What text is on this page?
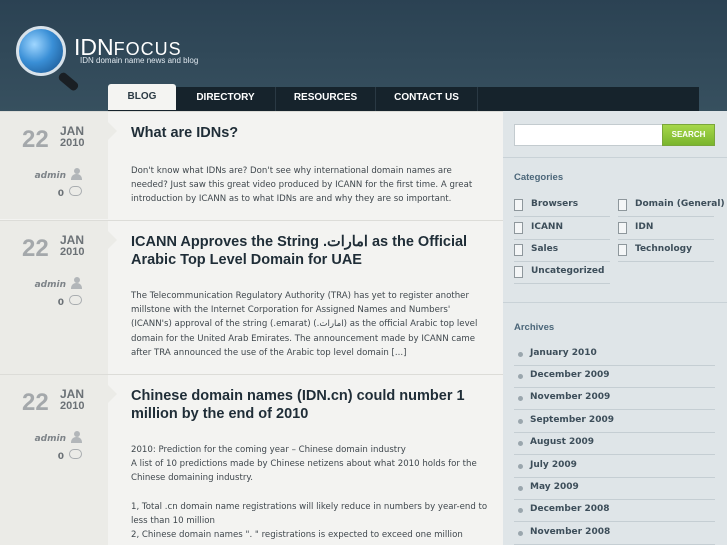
IDNFOCUS
IDN domain name news and blog
BLOG	DIRECTORY	RESOURCES	CONTACT US
22 JAN
2010
admin
0
What are IDNs?

Don't know what IDNs are? Don't see why international domain names are needed? Just saw this great video produced by ICANN for the first time. A great introduction by ICANN as to what IDNs are and why they are so important.

22 JAN
2010
admin
0
ICANN Approves the String .امارات as the Official Arabic Top Level Domain for UAE

The Telecommunication Regulatory Authority (TRA) has yet to register another millstone with the Internet Corporation for Assigned Names and Numbers' (ICANN's) approval of the string (.emarat) (.امارات) as the official Arabic top level domain for the United Arab Emirates. The announcement made by ICANN came after TRA announced the use of the Arabic top level domain [...]

22 JAN
2010
admin
0
Chinese domain names (IDN.cn) could number 1 million by the end of 2010

2010: Prediction for the coming year – Chinese domain industry

A list of 10 predictions made by Chinese netizens about what 2010 holds for the Chinese domaining industry.

1, Total .cn domain name registrations will likely reduce in numbers by year-end to less than 10 million

2, Chinese domain names ". " registrations is expected to exceed one million

SEARCH
Categories
Browsers	Domain (General)
ICANN	IDN
Sales	Technology
Uncategorized
Archives
January 2010
December 2009
November 2009
September 2009
August 2009
July 2009
May 2009
December 2008
November 2008
